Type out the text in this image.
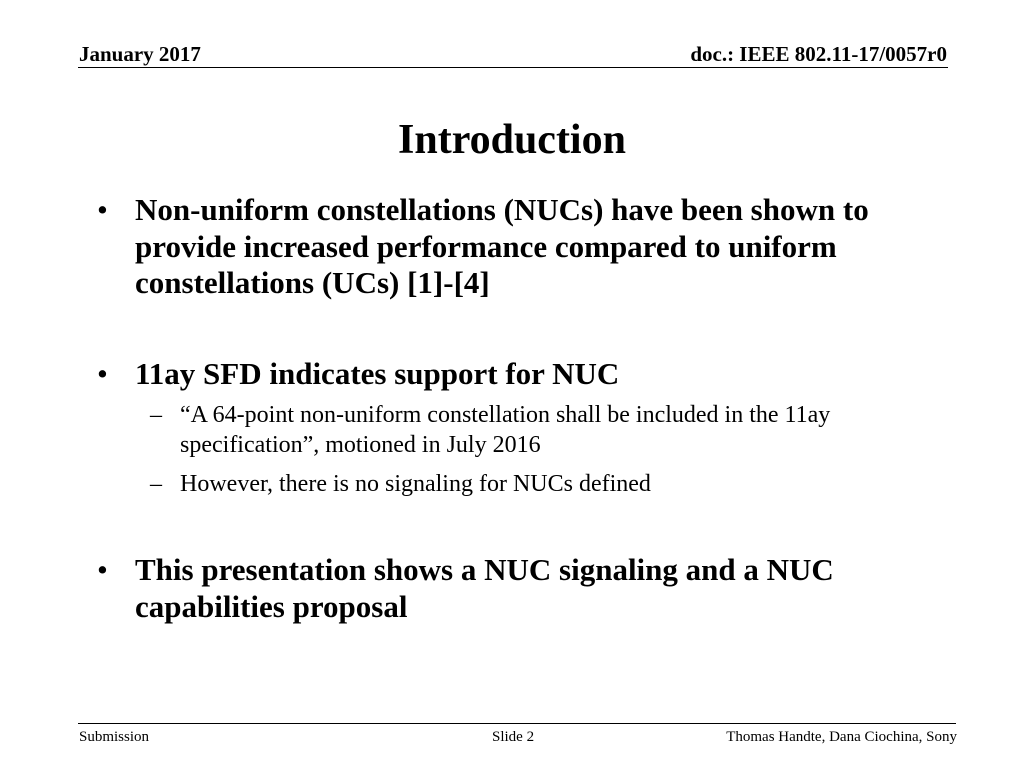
January 2017	doc.: IEEE 802.11-17/0057r0
Introduction
• Non-uniform constellations (NUCs) have been shown to provide increased performance compared to uniform constellations (UCs) [1]-[4]
• 11ay SFD indicates support for NUC
– “A 64-point non-uniform constellation shall be included in the 11ay specification”, motioned in July 2016
– However, there is no signaling for NUCs defined
• This presentation shows a NUC signaling and a NUC capabilities proposal
Submission	Slide 2	Thomas Handte, Dana Ciochina, Sony
